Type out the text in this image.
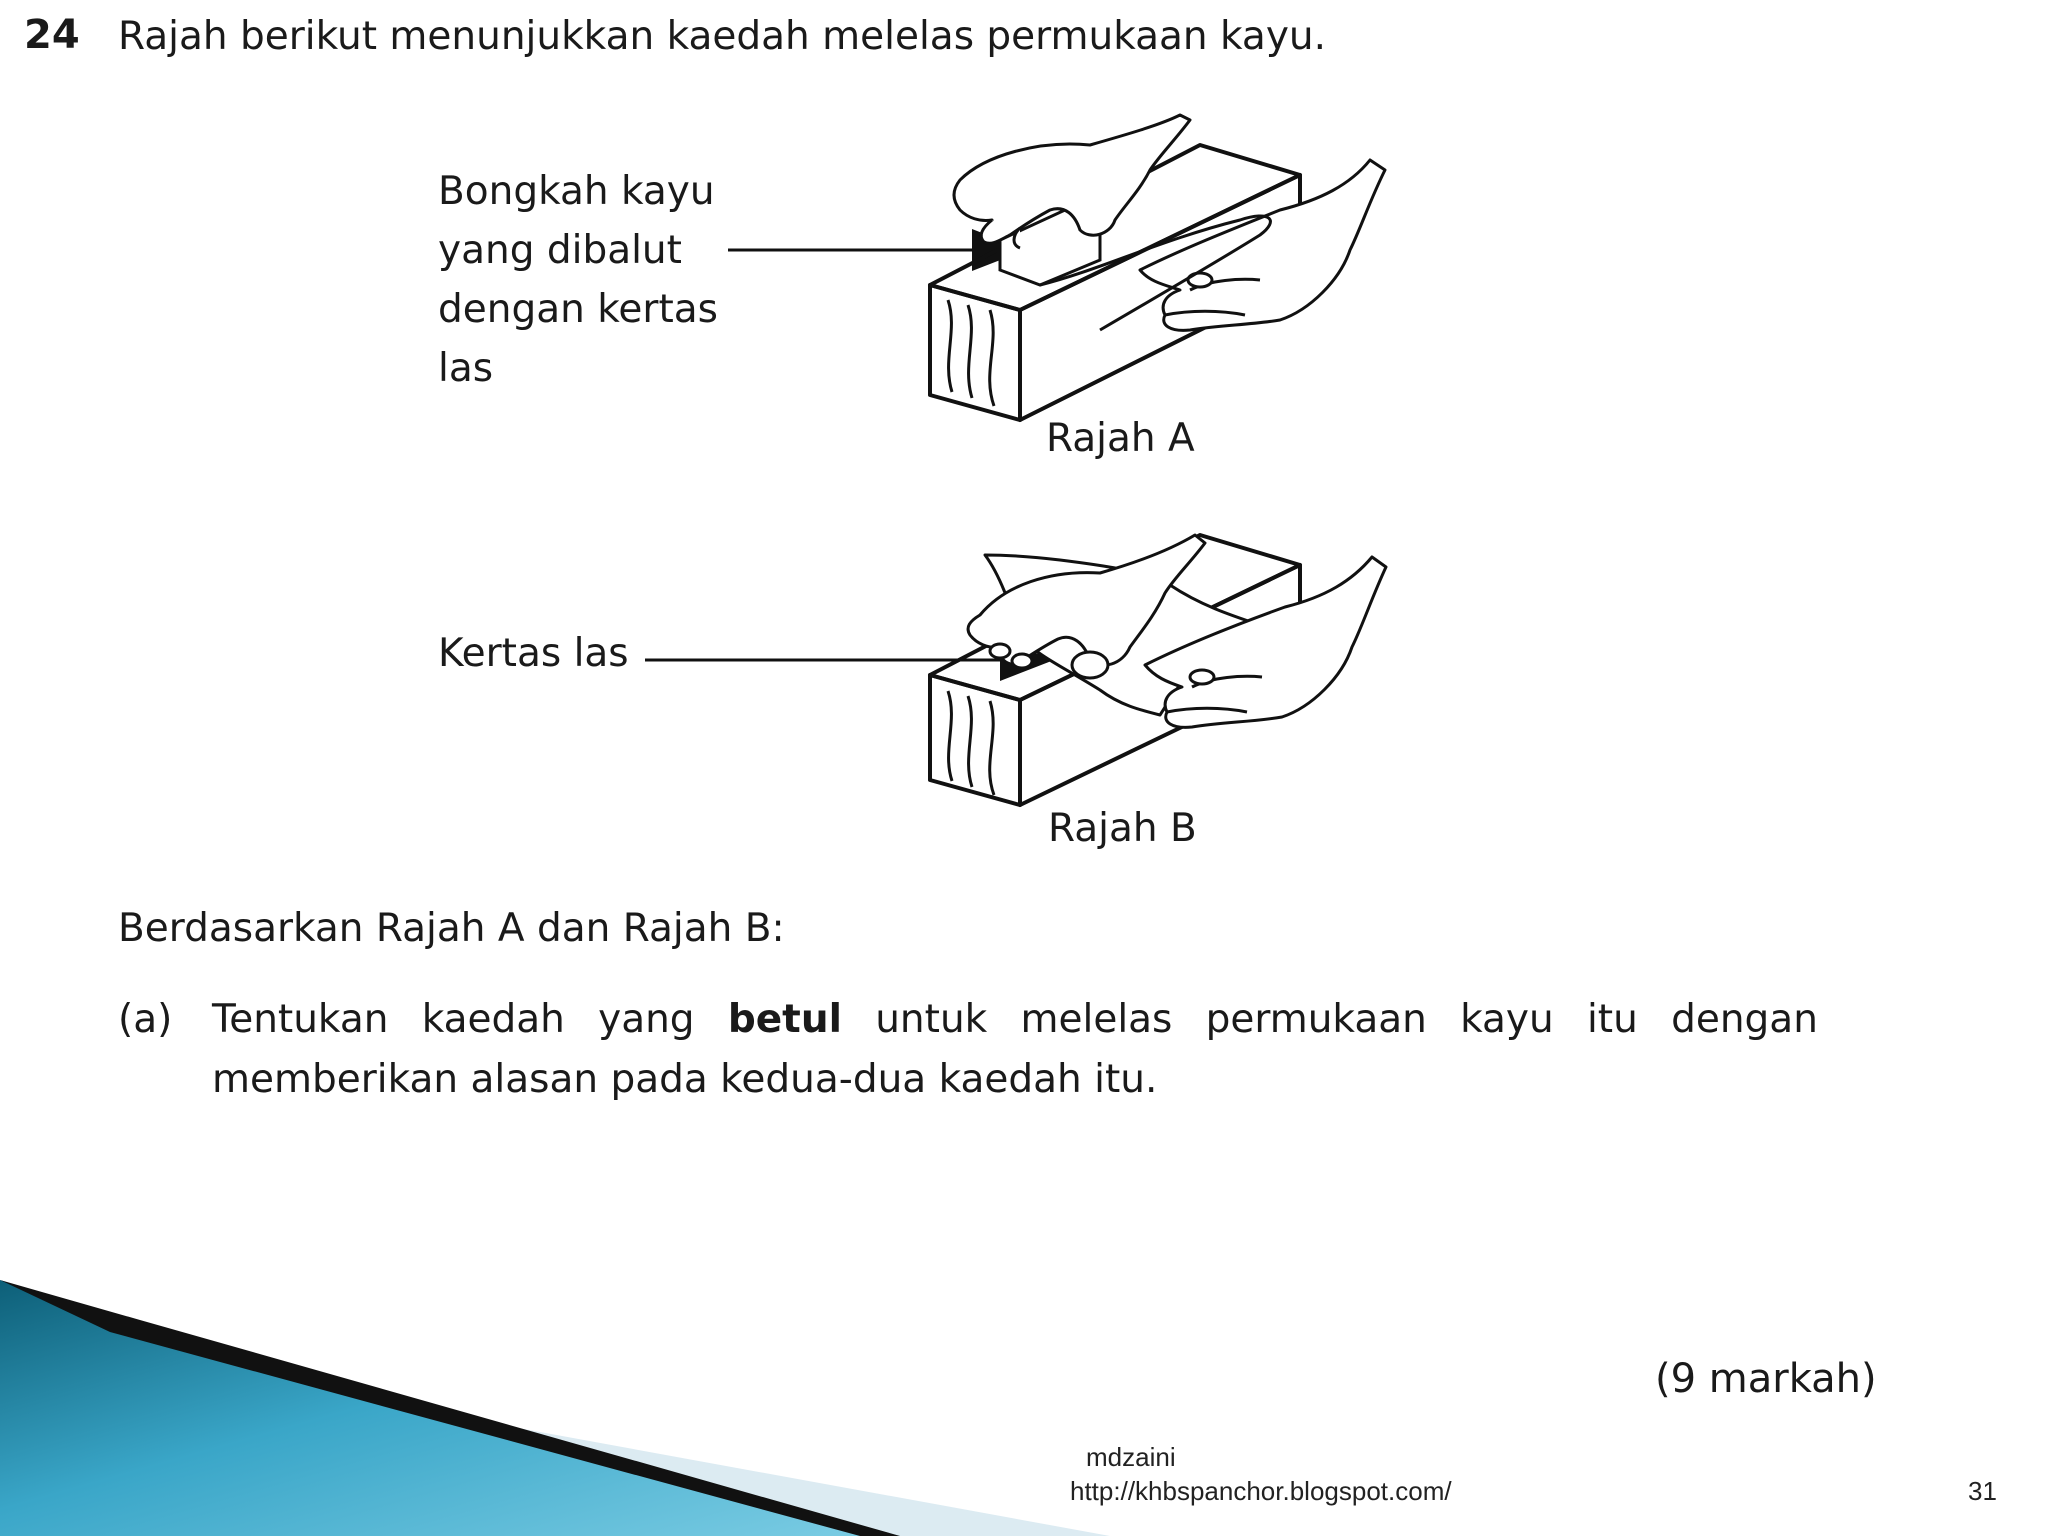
24 Rajah berikut menunjukkan kaedah melelas permukaan kayu.
Bongkah kayu
yang dibalut
dengan kertas
las
Rajah A
Kertas las
Rajah B
Berdasarkan Rajah A dan Rajah B:
(a) Tentukan kaedah yang betul untuk melelas permukaan kayu itu dengan
memberikan alasan pada kedua-dua kaedah itu.
(9 markah)
mdzaini
http://khbspanchor.blogspot.com/	31
